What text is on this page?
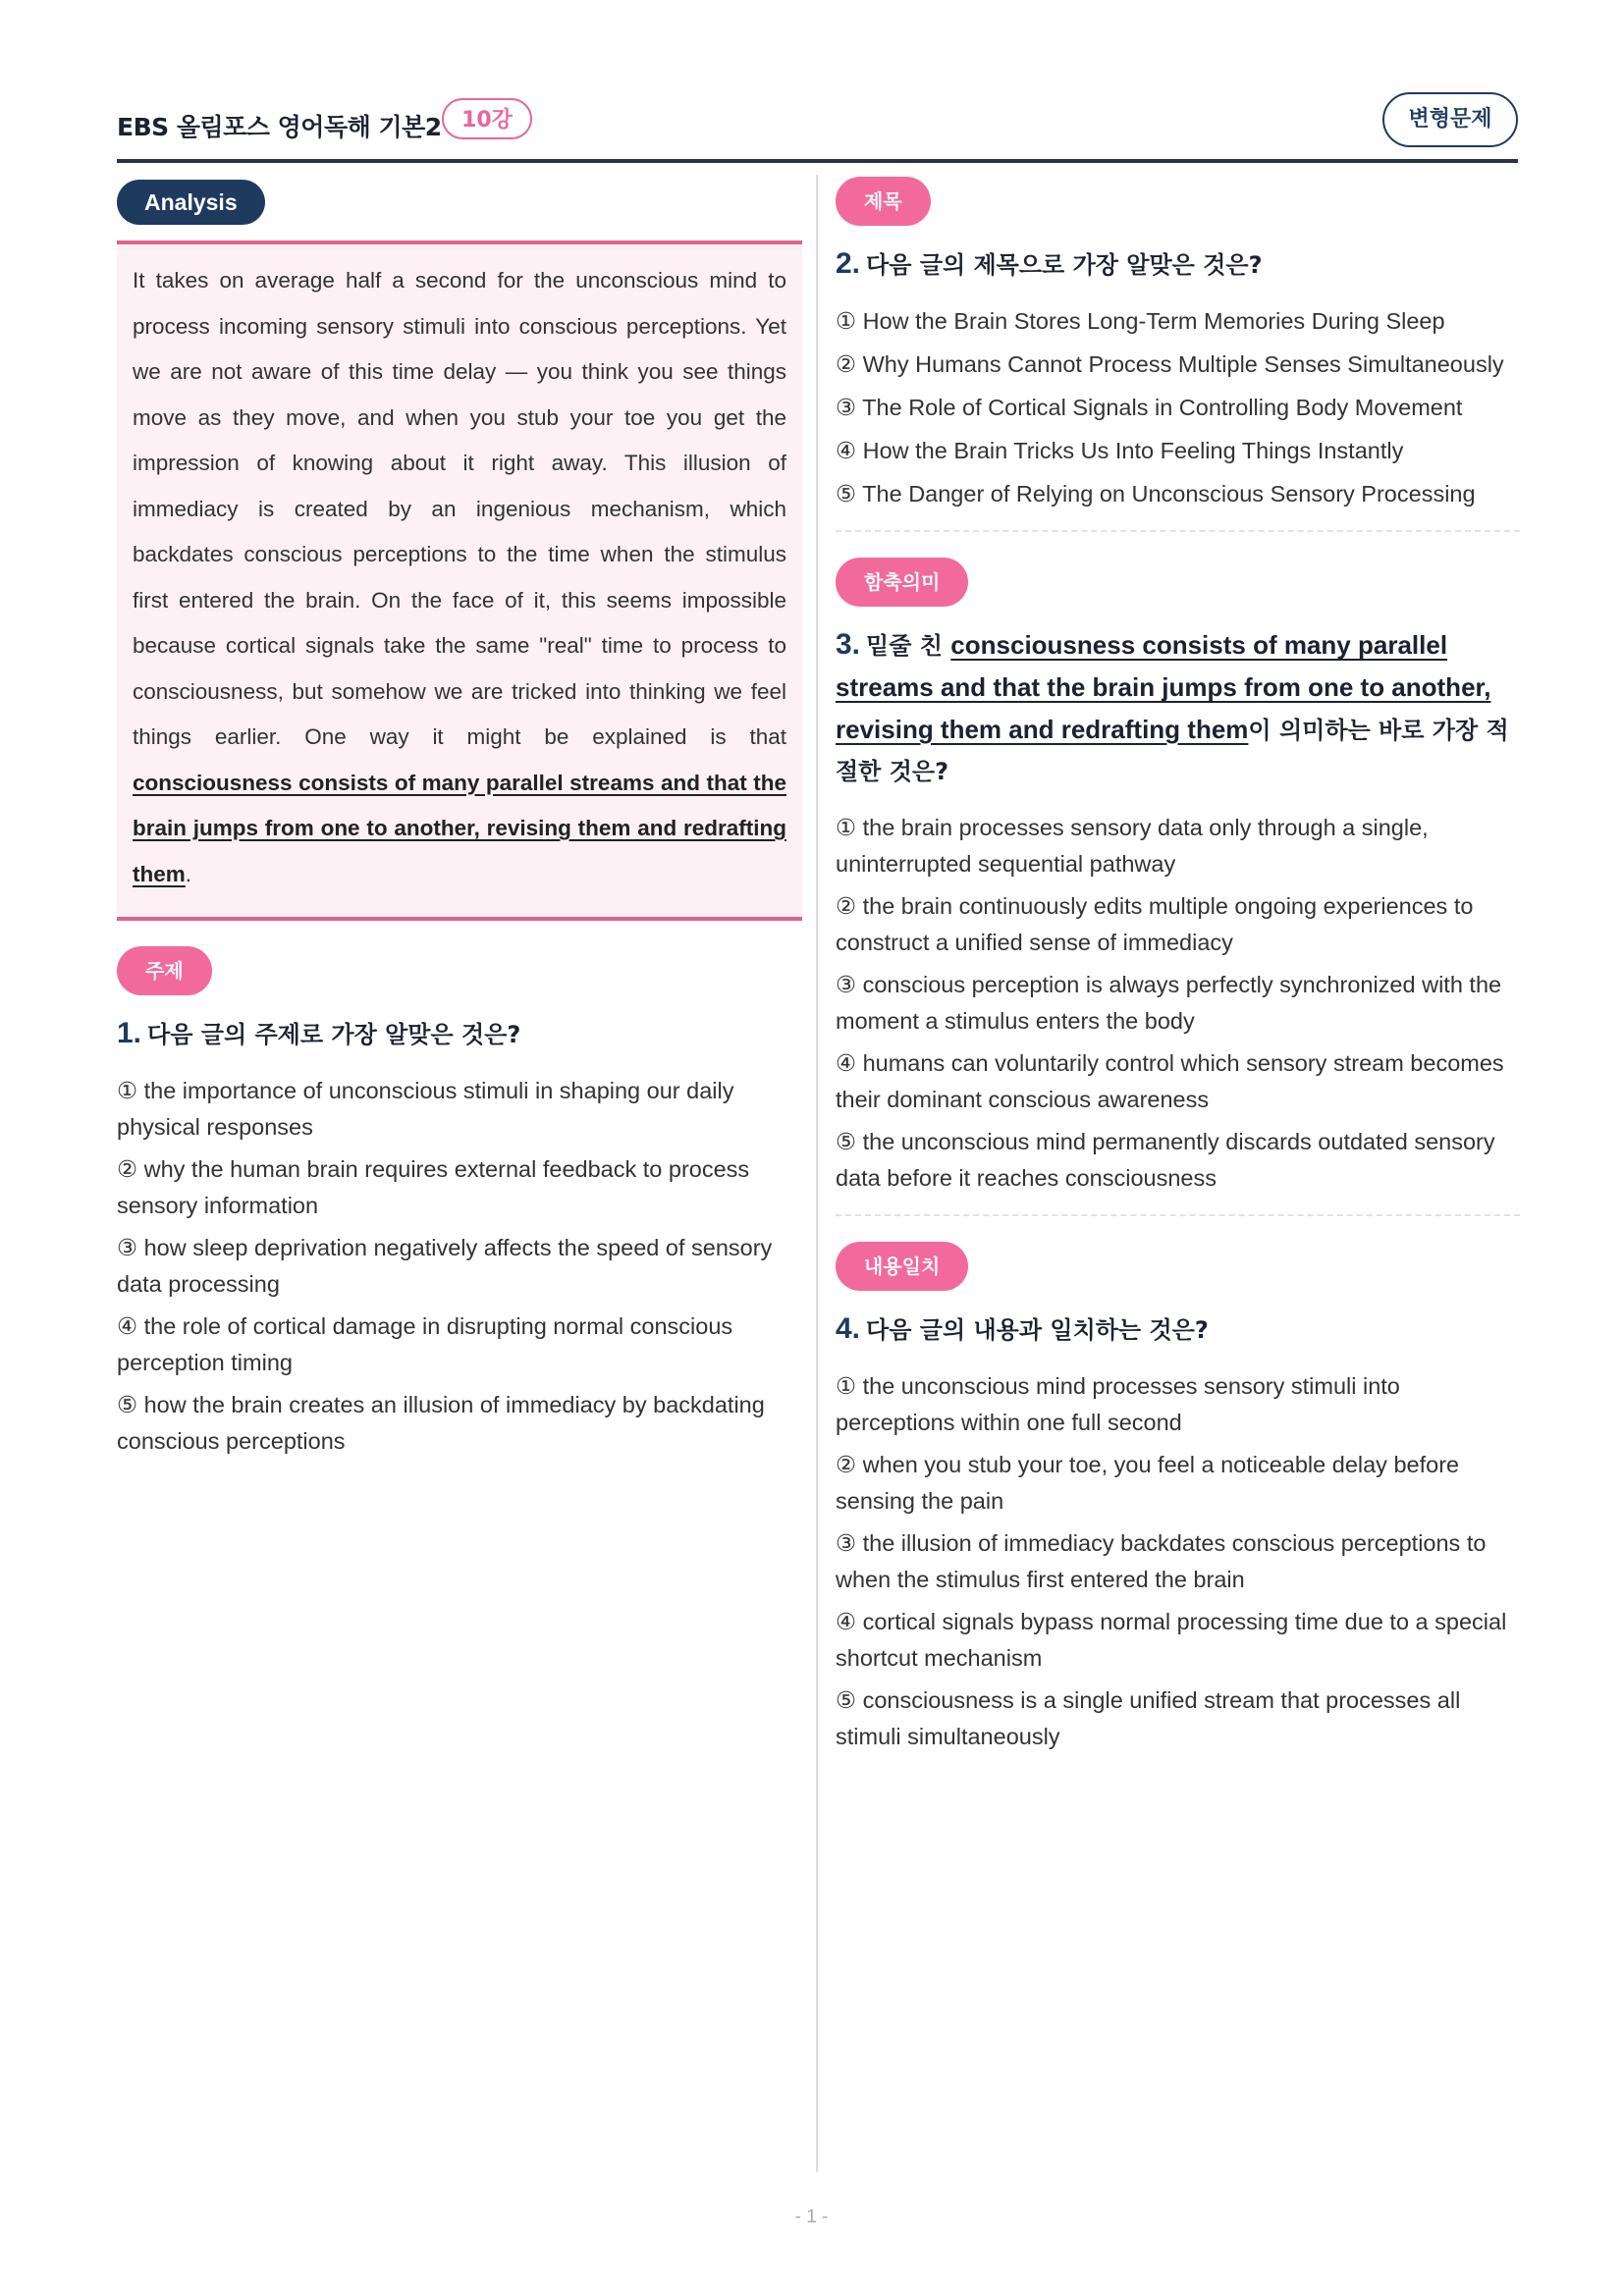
EBS 올림포스 영어독해 기본2 10강	변형문제
Analysis

It takes on average half a second for the unconscious mind to process incoming sensory stimuli into conscious perceptions. Yet we are not aware of this time delay — you think you see things move as they move, and when you stub your toe you get the impression of knowing about it right away. This illusion of immediacy is created by an ingenious mechanism, which backdates conscious perceptions to the time when the stimulus first entered the brain. On the face of it, this seems impossible because cortical signals take the same "real" time to process to consciousness, but somehow we are tricked into thinking we feel things earlier. One way it might be explained is that consciousness consists of many parallel streams and that the brain jumps from one to another, revising them and redrafting them.

주제
1. 다음 글의 주제로 가장 알맞은 것은?
① the importance of unconscious stimuli in shaping our daily physical responses
② why the human brain requires external feedback to process sensory information
③ how sleep deprivation negatively affects the speed of sensory data processing
④ the role of cortical damage in disrupting normal conscious perception timing
⑤ how the brain creates an illusion of immediacy by backdating conscious perceptions
제목
2. 다음 글의 제목으로 가장 알맞은 것은?
① How the Brain Stores Long-Term Memories During Sleep
② Why Humans Cannot Process Multiple Senses Simultaneously
③ The Role of Cortical Signals in Controlling Body Movement
④ How the Brain Tricks Us Into Feeling Things Instantly
⑤ The Danger of Relying on Unconscious Sensory Processing
함축의미
3. 밑줄 친 consciousness consists of many parallel streams and that the brain jumps from one to another, revising them and redrafting them이 의미하는 바로 가장 적절한 것은?
① the brain processes sensory data only through a single, uninterrupted sequential pathway
② the brain continuously edits multiple ongoing experiences to construct a unified sense of immediacy
③ conscious perception is always perfectly synchronized with the moment a stimulus enters the body
④ humans can voluntarily control which sensory stream becomes their dominant conscious awareness
⑤ the unconscious mind permanently discards outdated sensory data before it reaches consciousness
내용일치
4. 다음 글의 내용과 일치하는 것은?
① the unconscious mind processes sensory stimuli into perceptions within one full second
② when you stub your toe, you feel a noticeable delay before sensing the pain
③ the illusion of immediacy backdates conscious perceptions to when the stimulus first entered the brain
④ cortical signals bypass normal processing time due to a special shortcut mechanism
⑤ consciousness is a single unified stream that processes all stimuli simultaneously
- 1 -
